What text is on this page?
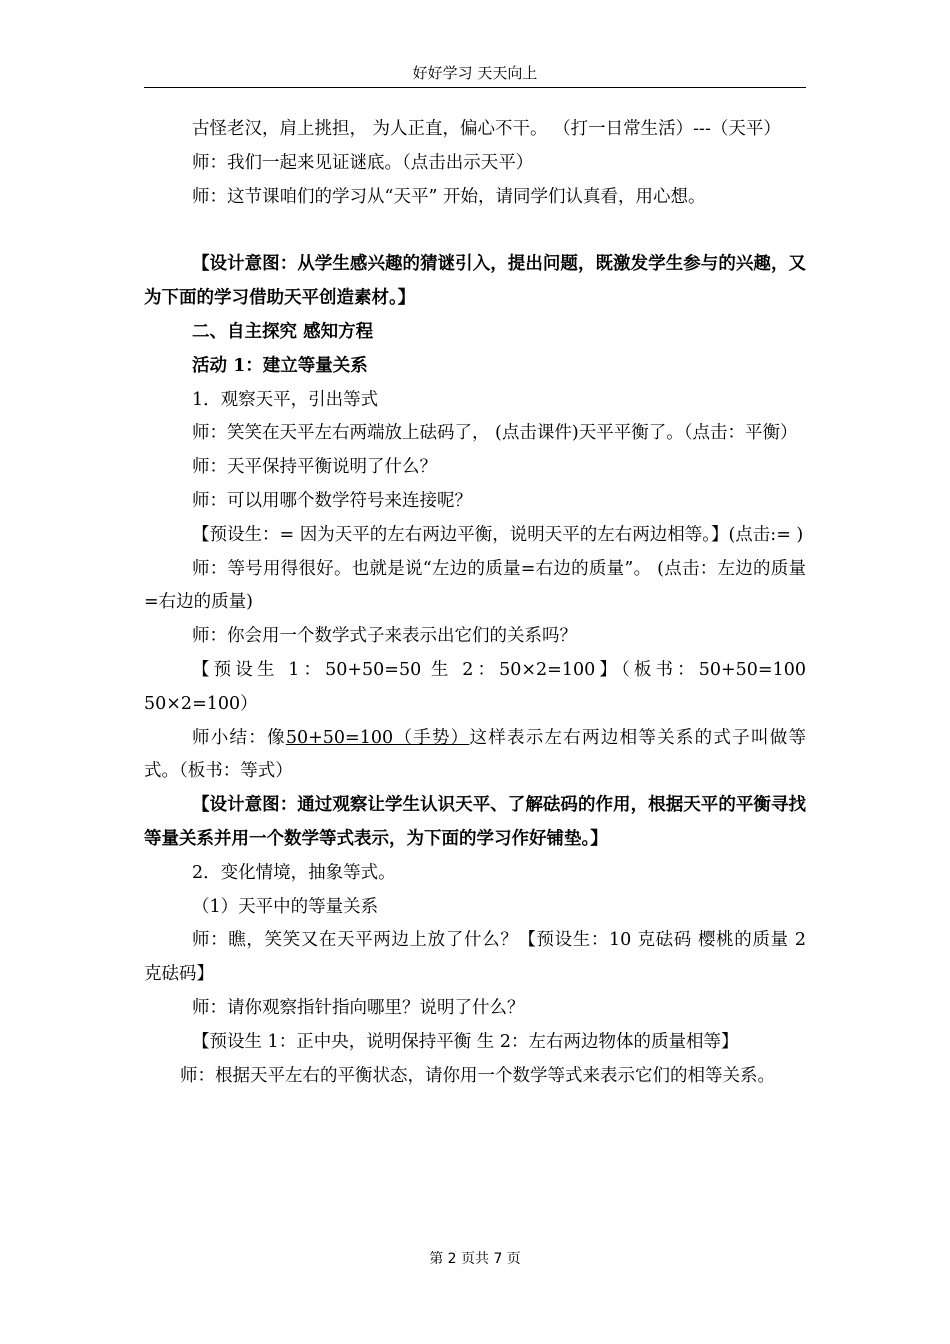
好好学习 天天向上

古怪老汉，肩上挑担， 为人正直，偏心不干。 （打一日常生活）---（天平）

师：我们一起来见证谜底。（点击出示天平）

师：这节课咱们的学习从“天平” 开始，请同学们认真看，用心想。

【设计意图：从学生感兴趣的猜谜引入，提出问题，既激发学生参与的兴趣，又为下面的学习借助天平创造素材。】

二、自主探究 感知方程

活动 1：建立等量关系

1．观察天平，引出等式

师：笑笑在天平左右两端放上砝码了， (点击课件)天平平衡了。（点击：平衡）

师：天平保持平衡说明了什么？

师：可以用哪个数学符号来连接呢？

【预设生：= 因为天平的左右两边平衡，说明天平的左右两边相等。】(点击:= )

师：等号用得很好。也就是说“左边的质量=右边的质量”。 (点击：左边的质量=右边的质量)

师：你会用一个数学式子来表示出它们的关系吗？

【预设生 1：50+50=50 生 2：50×2=100】（板书：50+50=100 50×2=100）

师小结：像50+50=100（手势）这样表示左右两边相等关系的式子叫做等式。（板书：等式）

【设计意图：通过观察让学生认识天平、了解砝码的作用，根据天平的平衡寻找等量关系并用一个数学等式表示，为下面的学习作好铺垫。】

2．变化情境，抽象等式。

（1）天平中的等量关系

师：瞧，笑笑又在天平两边上放了什么？【预设生：10 克砝码 樱桃的质量 2 克砝码】

师：请你观察指针指向哪里？说明了什么？

【预设生 1：正中央，说明保持平衡 生 2：左右两边物体的质量相等】

师：根据天平左右的平衡状态，请你用一个数学等式来表示它们的相等关系。

第 2 页共 7 页
